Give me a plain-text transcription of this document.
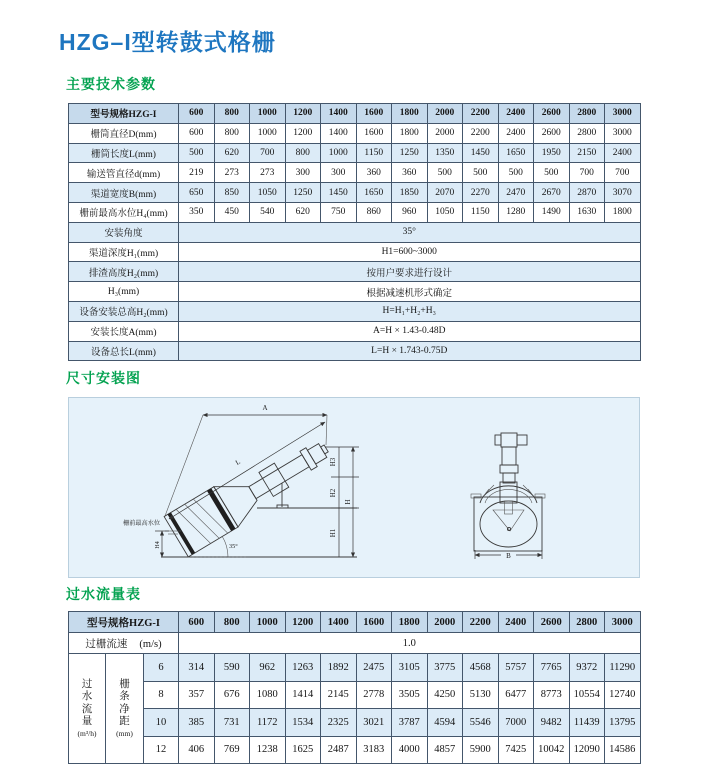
HZG–I型转鼓式格栅
主要技术参数
型号规格HZG-I	600	800	1000	1200	1400	1600	1800	2000	2200	2400	2600	2800	3000
栅筒直径D(mm)	600	800	1000	1200	1400	1600	1800	2000	2200	2400	2600	2800	3000
栅筒长度L(mm)	500	620	700	800	1000	1150	1250	1350	1450	1650	1950	2150	2400
输送管直径d(mm)	219	273	273	300	300	360	360	500	500	500	500	700	700
渠道宽度B(mm)	650	850	1050	1250	1450	1650	1850	2070	2270	2470	2670	2870	3070
栅前最高水位H₄(mm)	350	450	540	620	750	860	960	1050	1150	1280	1490	1630	1800
安装角度	35°												
渠道深度H₁(mm)	H1=600~3000												
排渣高度H₂(mm)	按用户要求进行设计												
H₃(mm)	根据减速机形式确定												
设备安装总高H₂(mm)	H=H₁+H₂+H₃												
安装长度A(mm)	A=H × 1.43-0.48D												
设备总长L(mm)	L=H × 1.743-0.75D												
尺寸安装图
A
L	H3
H2
H1
H
栅前最高水位
H4	35°
B
过水流量表
型号规格HZG-I			600	800	1000	1200	1400	1600	1800	2000	2200	2400	2600	2800	3000
过栅流速 (m/s)			1.0												

过
水
流
量
(m³/h)

栅
条
净
距
(mm)
	6	314	590	962	1263	1892	2475	3105	3775	4568	5757	7765	9372	11290
		8	357	676	1080	1414	2145	2778	3505	4250	5130	6477	8773	10554	12740
		10	385	731	1172	1534	2325	3021	3787	4594	5546	7000	9482	11439	13795
		12	406	769	1238	1625	2487	3183	4000	4857	5900	7425	10042	12090	14586
